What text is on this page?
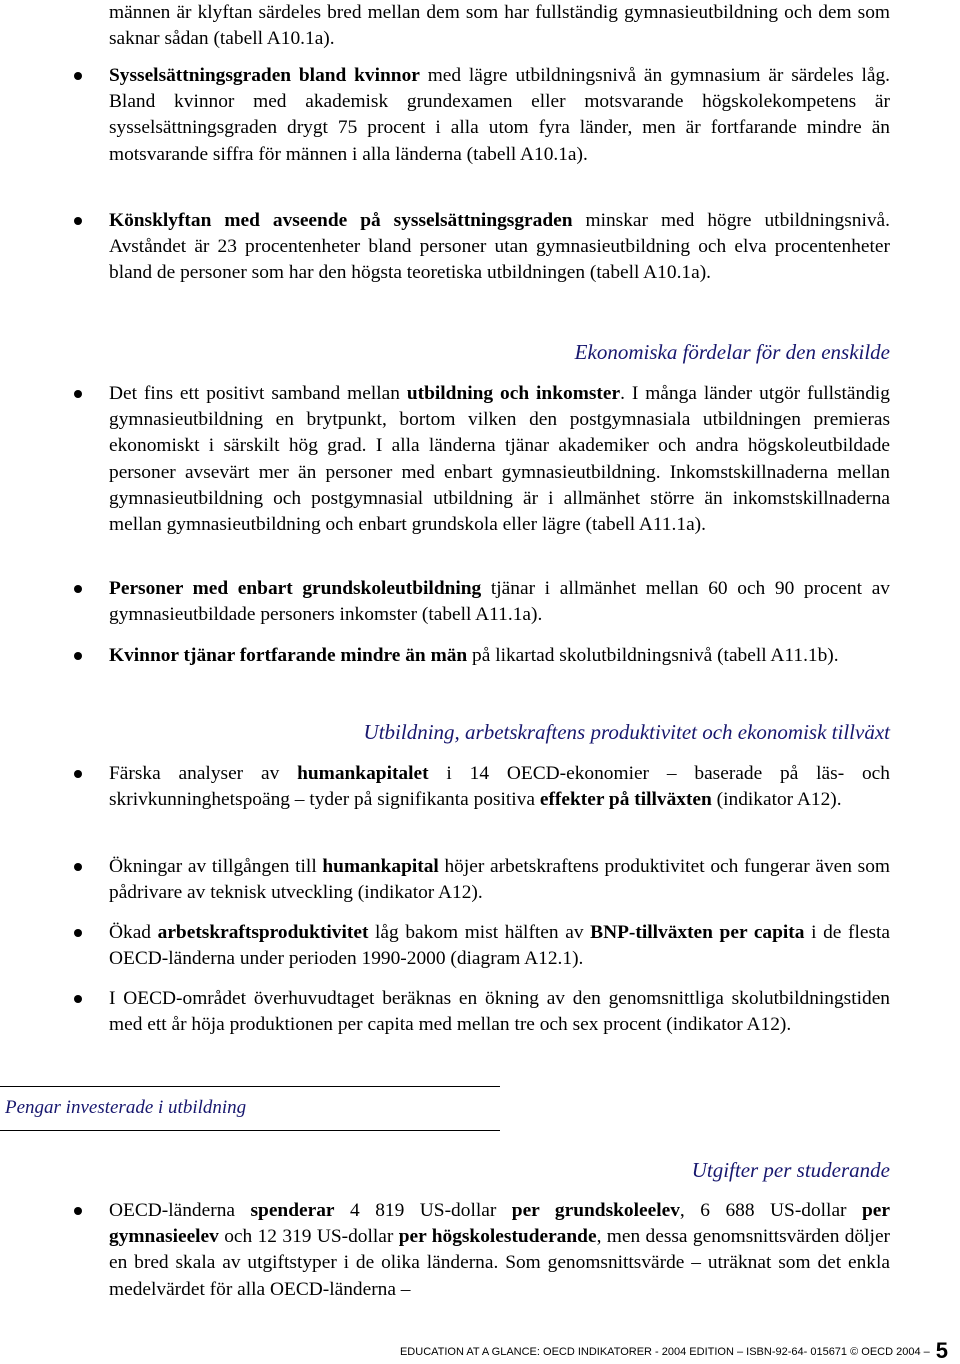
männen är klyftan särdeles bred mellan dem som har fullständig gymnasieutbildning och dem som saknar sådan (tabell A10.1a).
Sysselsättningsgraden bland kvinnor med lägre utbildningsnivå än gymnasium är särdeles låg. Bland kvinnor med akademisk grundexamen eller motsvarande högskolekompetens är sysselsättningsgraden drygt 75 procent i alla utom fyra länder, men är fortfarande mindre än motsvarande siffra för männen i alla länderna (tabell A10.1a).
Könsklyftan med avseende på sysselsättningsgraden minskar med högre utbildningsnivå. Avståndet är 23 procentenheter bland personer utan gymnasieutbildning och elva procentenheter bland de personer som har den högsta teoretiska utbildningen (tabell A10.1a).
Ekonomiska fördelar för den enskilde
Det fins ett positivt samband mellan utbildning och inkomster. I många länder utgör fullständig gymnasieutbildning en brytpunkt, bortom vilken den postgymnasiala utbildningen premieras ekonomiskt i särskilt hög grad. I alla länderna tjänar akademiker och andra högskoleutbildade personer avsevärt mer än personer med enbart gymnasieutbildning. Inkomstskillnaderna mellan gymnasieutbildning och postgymnasial utbildning är i allmänhet större än inkomstskillnaderna mellan gymnasieutbildning och enbart grundskola eller lägre (tabell A11.1a).
Personer med enbart grundskoleutbildning tjänar i allmänhet mellan 60 och 90 procent av gymnasieutbildade personers inkomster (tabell A11.1a).
Kvinnor tjänar fortfarande mindre än män på likartad skolutbildningsnivå (tabell A11.1b).
Utbildning, arbetskraftens produktivitet och ekonomisk tillväxt
Färska analyser av humankapitalet i 14 OECD-ekonomier – baserade på läs- och skrivkunninghetspoäng – tyder på signifikanta positiva effekter på tillväxten (indikator A12).
Ökningar av tillgången till humankapital höjer arbetskraftens produktivitet och fungerar även som pådrivare av teknisk utveckling (indikator A12).
Ökad arbetskraftsproduktivitet låg bakom mist hälften av BNP-tillväxten per capita i de flesta OECD-länderna under perioden 1990-2000 (diagram A12.1).
I OECD-området överhuvudtaget beräknas en ökning av den genomsnittliga skolutbildningstiden med ett år höja produktionen per capita med mellan tre och sex procent (indikator A12).
Pengar investerade i utbildning
Utgifter per studerande
OECD-länderna spenderar 4 819 US-dollar per grundskoleelev, 6 688 US-dollar per gymnasieelev och 12 319 US-dollar per högskolestuderande, men dessa genomsnittsvärden döljer en bred skala av utgiftstyper i de olika länderna. Som genomsnittsvärde – uträknat som det enkla medelvärdet för alla OECD-länderna –
EDUCATION AT A GLANCE: OECD INDIKATORER - 2004 EDITION – ISBN-92-64- 015671 © OECD 2004 – 5
